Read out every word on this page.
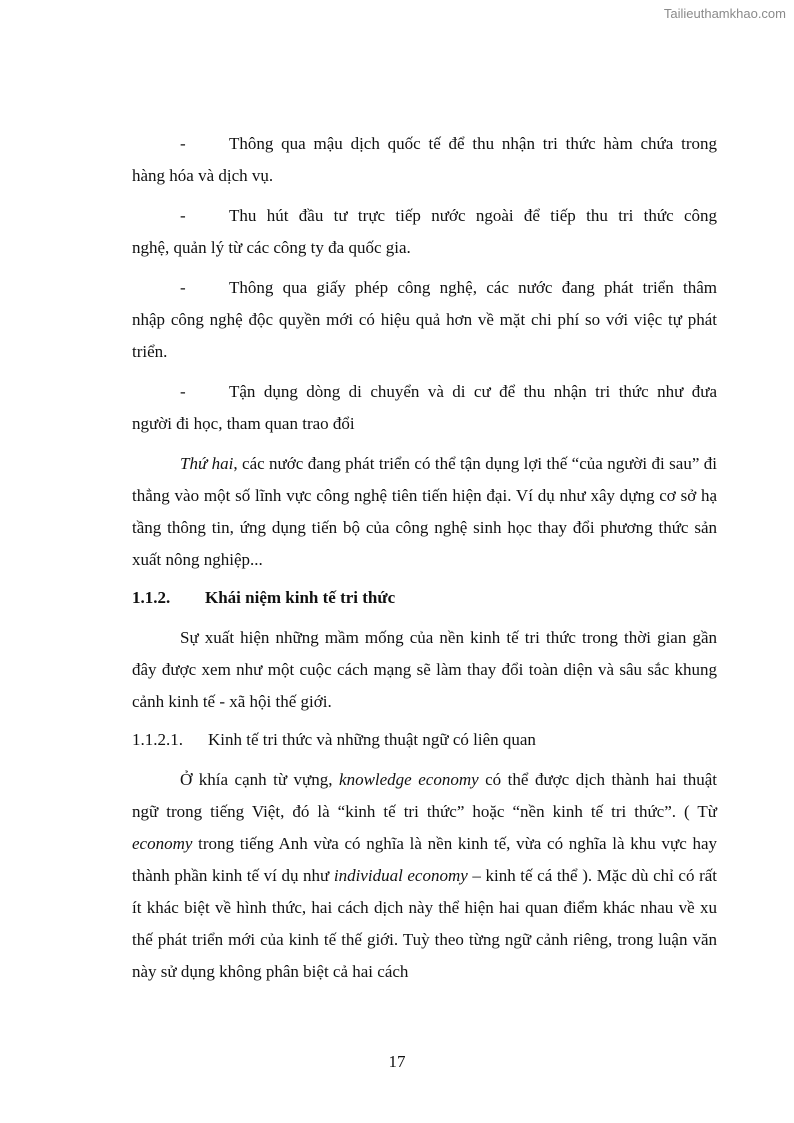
Tailieuthamkhao.com
-	Thông qua mậu dịch quốc tế để thu nhận tri thức hàm chứa trong
hàng hóa và dịch vụ.
-	Thu hút đầu tư trực tiếp nước ngoài để tiếp thu tri thức công
nghệ, quản lý từ các công ty đa quốc gia.
-	Thông qua giấy phép công nghệ, các nước đang phát triển thâm
nhập công nghệ độc quyền mới có hiệu quả hơn về mặt chi phí so với việc tự phát triển.
-	Tận dụng dòng di chuyển và di cư để thu nhận tri thức như đưa
người đi học, tham quan trao đổi

Thứ hai, các nước đang phát triển có thể tận dụng lợi thế “của người đi sau” đi thẳng vào một số lĩnh vực công nghệ tiên tiến hiện đại. Ví dụ như xây dựng cơ sở hạ tầng thông tin, ứng dụng tiến bộ của công nghệ sinh học thay đổi phương thức sản xuất nông nghiệp...

1.1.2. Khái niệm kinh tế tri thức

Sự xuất hiện những mầm mống của nền kinh tế tri thức trong thời gian gần đây được xem như một cuộc cách mạng sẽ làm thay đổi toàn diện và sâu sắc khung cảnh kinh tế - xã hội thế giới.

1.1.2.1. Kinh tế tri thức và những thuật ngữ có liên quan

Ở khía cạnh từ vựng, knowledge economy có thể được dịch thành hai thuật ngữ trong tiếng Việt, đó là “kinh tế tri thức” hoặc “nền kinh tế tri thức”. ( Từ economy trong tiếng Anh vừa có nghĩa là nền kinh tế, vừa có nghĩa là khu vực hay thành phần kinh tế ví dụ như individual economy – kinh tế cá thể ). Mặc dù chỉ có rất ít khác biệt về hình thức, hai cách dịch này thể hiện hai quan điểm khác nhau về xu thế phát triển mới của kinh tế thế giới. Tuỳ theo từng ngữ cảnh riêng, trong luận văn này sử dụng không phân biệt cả hai cách

17
